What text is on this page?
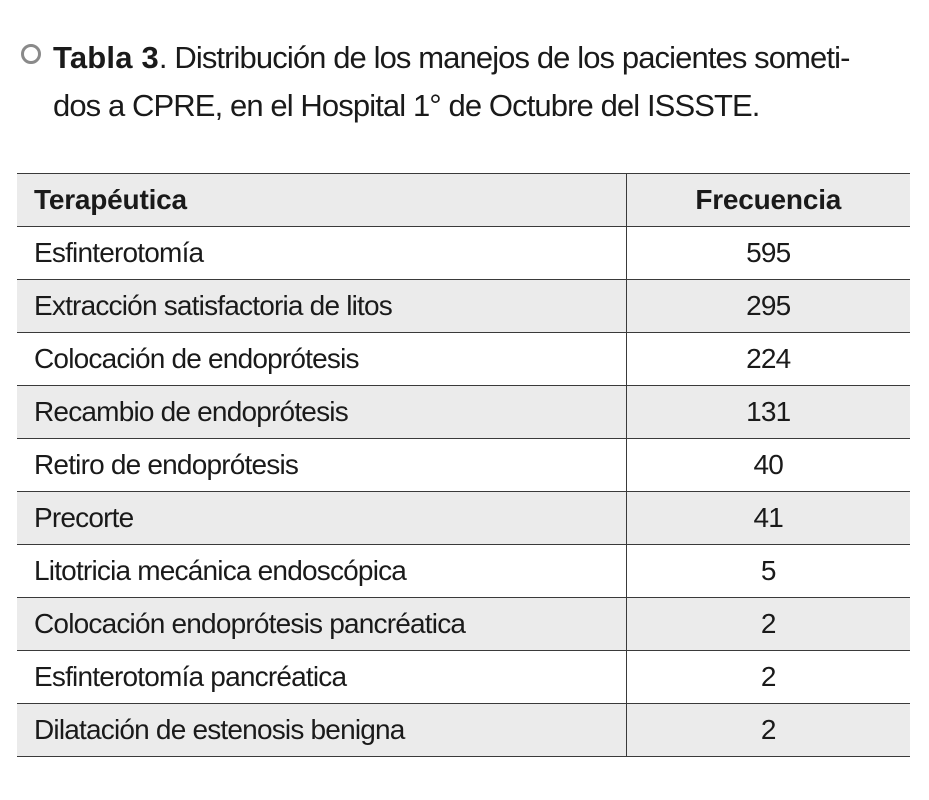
Tabla 3. Distribución de los manejos de los pacientes someti-
dos a CPRE, en el Hospital 1° de Octubre del ISSSTE.
Terapéutica	Frecuencia
Esfinterotomía	595
Extracción satisfactoria de litos	295
Colocación de endoprótesis	224
Recambio de endoprótesis	131
Retiro de endoprótesis	40
Precorte	41
Litotricia mecánica endoscópica	5
Colocación endoprótesis pancréatica	2
Esfinterotomía pancréatica	2
Dilatación de estenosis benigna	2
